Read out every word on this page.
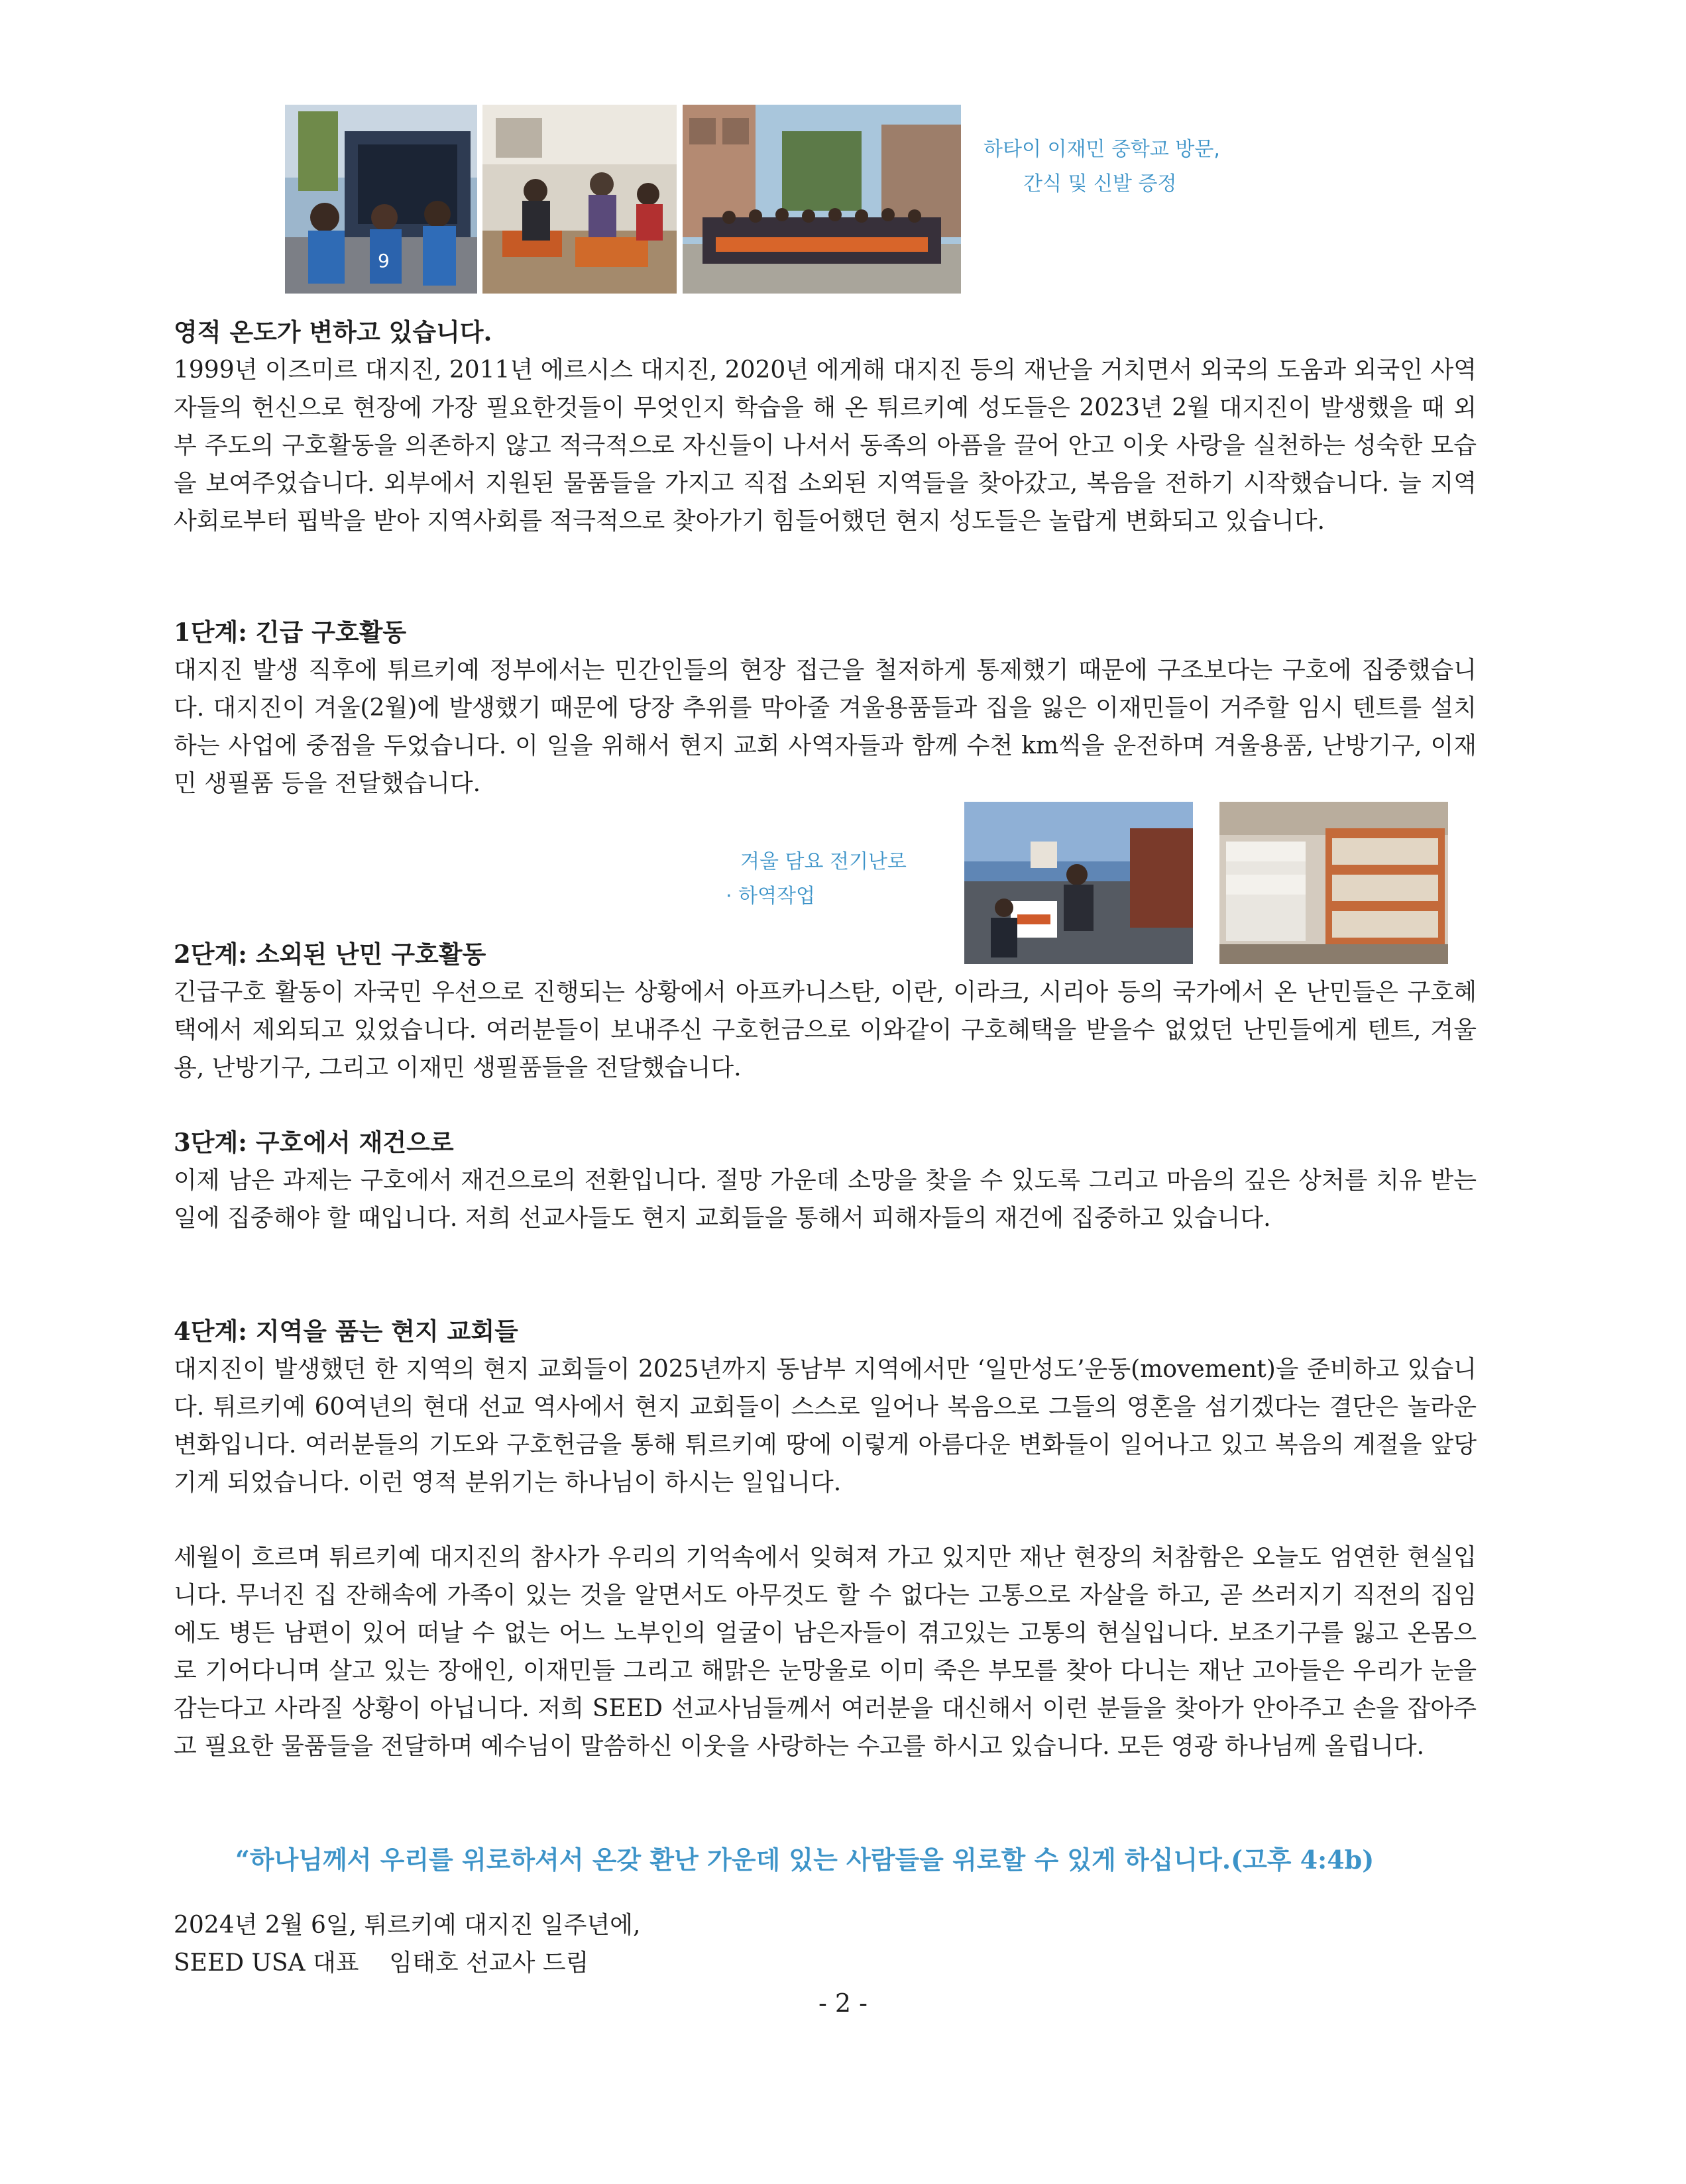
9
하타이 이재민 중학교 방문,
간식 및 신발 증정
영적 온도가 변하고 있습니다.

1999년 이즈미르 대지진, 2011년 에르시스 대지진, 2020년 에게해 대지진 등의 재난을 거치면서 외국의 도움과 외국인 사역자들의 헌신으로 현장에 가장 필요한것들이 무엇인지 학습을 해 온 튀르키예 성도들은 2023년 2월 대지진이 발생했을 때 외부 주도의 구호활동을 의존하지 않고 적극적으로 자신들이 나서서 동족의 아픔을 끌어 안고 이웃 사랑을 실천하는 성숙한 모습을 보여주었습니다. 외부에서 지원된 물품들을 가지고 직접 소외된 지역들을 찾아갔고, 복음을 전하기 시작했습니다. 늘 지역사회로부터 핍박을 받아 지역사회를 적극적으로 찾아가기 힘들어했던 현지 성도들은 놀랍게 변화되고 있습니다.

1단계: 긴급 구호활동

대지진 발생 직후에 튀르키예 정부에서는 민간인들의 현장 접근을 철저하게 통제했기 때문에 구조보다는 구호에 집중했습니다. 대지진이 겨울(2월)에 발생했기 때문에 당장 추위를 막아줄 겨울용품들과 집을 잃은 이재민들이 거주할 임시 텐트를 설치하는 사업에 중점을 두었습니다. 이 일을 위해서 현지 교회 사역자들과 함께 수천 km씩을 운전하며 겨울용품, 난방기구, 이재민 생필품 등을 전달했습니다.

겨울 담요 전기난로
· 하역작업
2단계: 소외된 난민 구호활동

긴급구호 활동이 자국민 우선으로 진행되는 상황에서 아프카니스탄, 이란, 이라크, 시리아 등의 국가에서 온 난민들은 구호혜택에서 제외되고 있었습니다. 여러분들이 보내주신 구호헌금으로 이와같이 구호혜택을 받을수 없었던 난민들에게 텐트, 겨울용, 난방기구, 그리고 이재민 생필품들을 전달했습니다.

3단계: 구호에서 재건으로

이제 남은 과제는 구호에서 재건으로의 전환입니다. 절망 가운데 소망을 찾을 수 있도록 그리고 마음의 깊은 상처를 치유 받는 일에 집중해야 할 때입니다. 저희 선교사들도 현지 교회들을 통해서 피해자들의 재건에 집중하고 있습니다.

4단계: 지역을 품는 현지 교회들

대지진이 발생했던 한 지역의 현지 교회들이 2025년까지 동남부 지역에서만 ‘일만성도’운동(movement)을 준비하고 있습니다. 튀르키예 60여년의 현대 선교 역사에서 현지 교회들이 스스로 일어나 복음으로 그들의 영혼을 섬기겠다는 결단은 놀라운 변화입니다. 여러분들의 기도와 구호헌금을 통해 튀르키예 땅에 이렇게 아름다운 변화들이 일어나고 있고 복음의 계절을 앞당기게 되었습니다. 이런 영적 분위기는 하나님이 하시는 일입니다.

세월이 흐르며 튀르키예 대지진의 참사가 우리의 기억속에서 잊혀져 가고 있지만 재난 현장의 처참함은 오늘도 엄연한 현실입니다. 무너진 집 잔해속에 가족이 있는 것을 알면서도 아무것도 할 수 없다는 고통으로 자살을 하고, 곧 쓰러지기 직전의 집임에도 병든 남편이 있어 떠날 수 없는 어느 노부인의 얼굴이 남은자들이 겪고있는 고통의 현실입니다. 보조기구를 잃고 온몸으로 기어다니며 살고 있는 장애인, 이재민들 그리고 해맑은 눈망울로 이미 죽은 부모를 찾아 다니는 재난 고아들은 우리가 눈을 감는다고 사라질 상황이 아닙니다. 저희 SEED 선교사님들께서 여러분을 대신해서 이런 분들을 찾아가 안아주고 손을 잡아주고 필요한 물품들을 전달하며 예수님이 말씀하신 이웃을 사랑하는 수고를 하시고 있습니다. 모든 영광 하나님께 올립니다.

“하나님께서 우리를 위로하셔서 온갖 환난 가운데 있는 사람들을 위로할 수 있게 하십니다.(고후 4:4b)

2024년 2월 6일, 튀르키예 대지진 일주년에,

SEED USA 대표    임태호 선교사 드림

- 2 -
